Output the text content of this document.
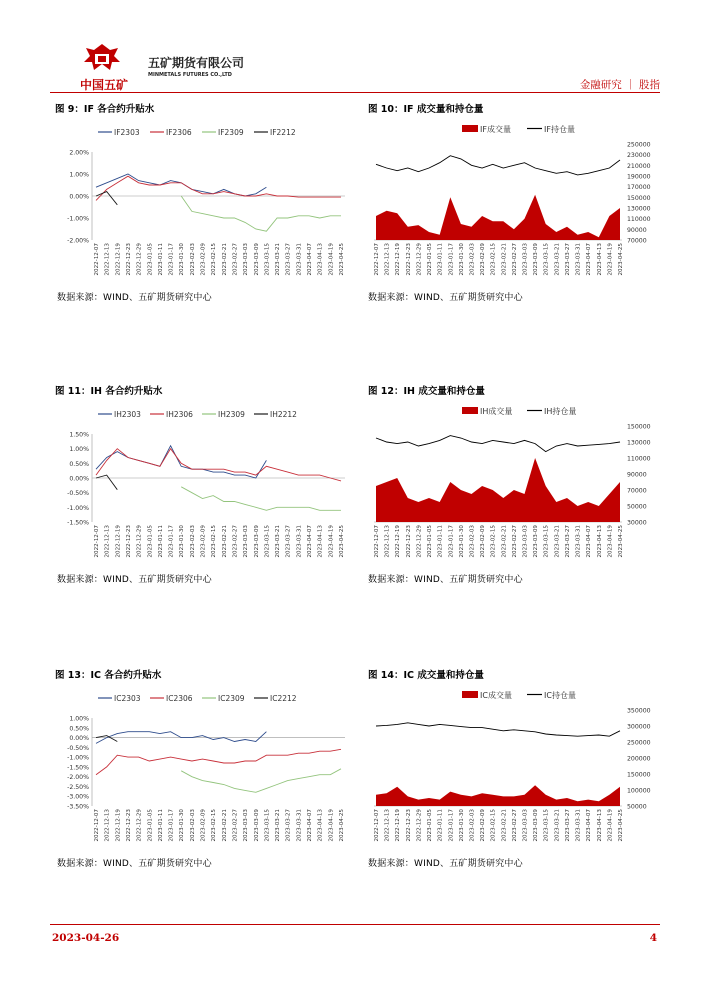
中国五矿
五矿期货有限公司
MINMETALS FUTURES CO.,LTD
金融研究 ｜ 股指
图 9：IF 各合约升贴水	图 10：IF 成交量和持仓量
图 11：IH 各合约升贴水	图 12：IH 成交量和持仓量
图 13：IC 各合约升贴水	图 14：IC 成交量和持仓量
IF2303	IF2306	IF2309	IF2212
2.00%
1.00%
0.00%
-1.00%
-2.00%
2022-12-07 2022-12-13 2022-12-19 2022-12-23 2022-12-29 2023-01-05 2023-01-11 2023-01-17 2023-01-30 2023-02-03 2023-02-09 2023-02-15 2023-02-21 2023-02-27 2023-03-03 2023-03-09 2023-03-15 2023-03-21 2023-03-27 2023-03-31 2023-04-07 2023-04-13 2023-04-19 2023-04-25
IF成交量	IF持仓量
250000
230000
210000
190000
170000
150000
130000
110000
90000
70000
2022-12-07 2022-12-13 2022-12-19 2022-12-23 2022-12-29 2023-01-05 2023-01-11 2023-01-17 2023-01-30 2023-02-03 2023-02-09 2023-02-15 2023-02-21 2023-02-27 2023-03-03 2023-03-09 2023-03-15 2023-03-21 2023-03-27 2023-03-31 2023-04-07 2023-04-13 2023-04-19 2023-04-25
IH2303	IH2306	IH2309	IH2212
1.50%
1.00%
0.50%
0.00%
-0.50%
-1.00%
-1.50%
2022-12-07 2022-12-13 2022-12-19 2022-12-23 2022-12-29 2023-01-05 2023-01-11 2023-01-17 2023-01-30 2023-02-03 2023-02-09 2023-02-15 2023-02-21 2023-02-27 2023-03-03 2023-03-09 2023-03-15 2023-03-21 2023-03-27 2023-03-31 2023-04-07 2023-04-13 2023-04-19 2023-04-25
IH成交量	IH持仓量
150000
130000
110000
90000
70000
50000
30000
2022-12-07 2022-12-13 2022-12-19 2022-12-23 2022-12-29 2023-01-05 2023-01-11 2023-01-17 2023-01-30 2023-02-03 2023-02-09 2023-02-15 2023-02-21 2023-02-27 2023-03-03 2023-03-09 2023-03-15 2023-03-21 2023-03-27 2023-03-31 2023-04-07 2023-04-13 2023-04-19 2023-04-25
IC2303	IC2306	IC2309	IC2212
1.00%
0.50%
0.00%
-0.50%
-1.00%
-1.50%
-2.00%
-2.50%
-3.00%
-3.50%
2022-12-07 2022-12-13 2022-12-19 2022-12-23 2022-12-29 2023-01-05 2023-01-11 2023-01-17 2023-01-30 2023-02-03 2023-02-09 2023-02-15 2023-02-21 2023-02-27 2023-03-03 2023-03-09 2023-03-15 2023-03-21 2023-03-27 2023-03-31 2023-04-07 2023-04-13 2023-04-19 2023-04-25
IC成交量	IC持仓量
350000
300000
250000
200000
150000
100000
50000
2022-12-07 2022-12-13 2022-12-19 2022-12-23 2022-12-29 2023-01-05 2023-01-11 2023-01-17 2023-01-30 2023-02-03 2023-02-09 2023-02-15 2023-02-21 2023-02-27 2023-03-03 2023-03-09 2023-03-15 2023-03-21 2023-03-27 2023-03-31 2023-04-07 2023-04-13 2023-04-19 2023-04-25
数据来源：WIND、五矿期货研究中心	数据来源：WIND、五矿期货研究中心
数据来源：WIND、五矿期货研究中心	数据来源：WIND、五矿期货研究中心
数据来源：WIND、五矿期货研究中心	数据来源：WIND、五矿期货研究中心
2023-04-26	4
